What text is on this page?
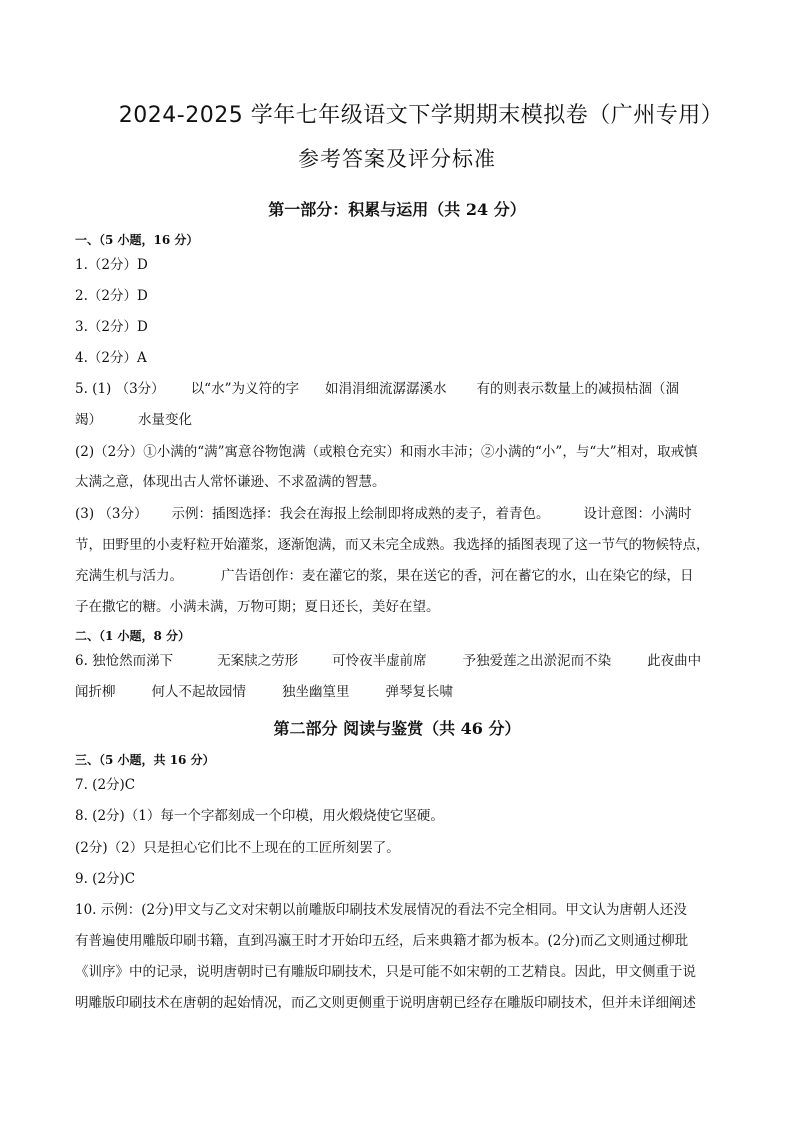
2024-2025 学年七年级语文下学期期末模拟卷（广州专用）
参考答案及评分标准
第一部分：积累与运用（共 24 分）
一、（5 小题，16 分）
1.（2分）D
2.（2分）D
3.（2分）D
4.（2分）A
5. (1) （3分） 以“水”为义符的字 如涓涓细流潺潺溪水 有的则表示数量上的减损枯涸（涸
竭）	水量变化
(2)（2分）①小满的“满”寓意谷物饱满（或粮仓充实）和雨水丰沛；②小满的“小”，与“大”相对，取戒慎
太满之意，体现出古人常怀谦逊、不求盈满的智慧。
(3) （3分） 示例：插图选择：我会在海报上绘制即将成熟的麦子，着青色。	设计意图：小满时
节，田野里的小麦籽粒开始灌浆，逐渐饱满，而又未完全成熟。我选择的插图表现了这一节气的物候特点，
充满生机与活力。	广告语创作：麦在灌它的浆，果在送它的香，河在蓄它的水，山在染它的绿，日
子在撒它的糖。小满未满，万物可期；夏日还长，美好在望。
二、（1 小题，8 分）
6. 独怆然而涕下	无案牍之劳形	可怜夜半虚前席	予独爱莲之出淤泥而不染	此夜曲中
闻折柳	何人不起故园情	独坐幽篁里	弹琴复长啸
第二部分 阅读与鉴赏（共 46 分）
三、（5 小题，共 16 分）
7. (2分)C
8. (2分)（1）每一个字都刻成一个印模，用火煅烧使它坚硬。
(2分)（2）只是担心它们比不上现在的工匠所刻罢了。
9. (2分)C
10. 示例：(2分)甲文与乙文对宋朝以前雕版印刷技术发展情况的看法不完全相同。甲文认为唐朝人还没
有普遍使用雕版印刷书籍，直到冯瀛王时才开始印五经，后来典籍才都为板本。(2分)而乙文则通过柳玭
《训序》中的记录，说明唐朝时已有雕版印刷技术，只是可能不如宋朝的工艺精良。因此，甲文侧重于说
明雕版印刷技术在唐朝的起始情况，而乙文则更侧重于说明唐朝已经存在雕版印刷技术，但并未详细阐述
